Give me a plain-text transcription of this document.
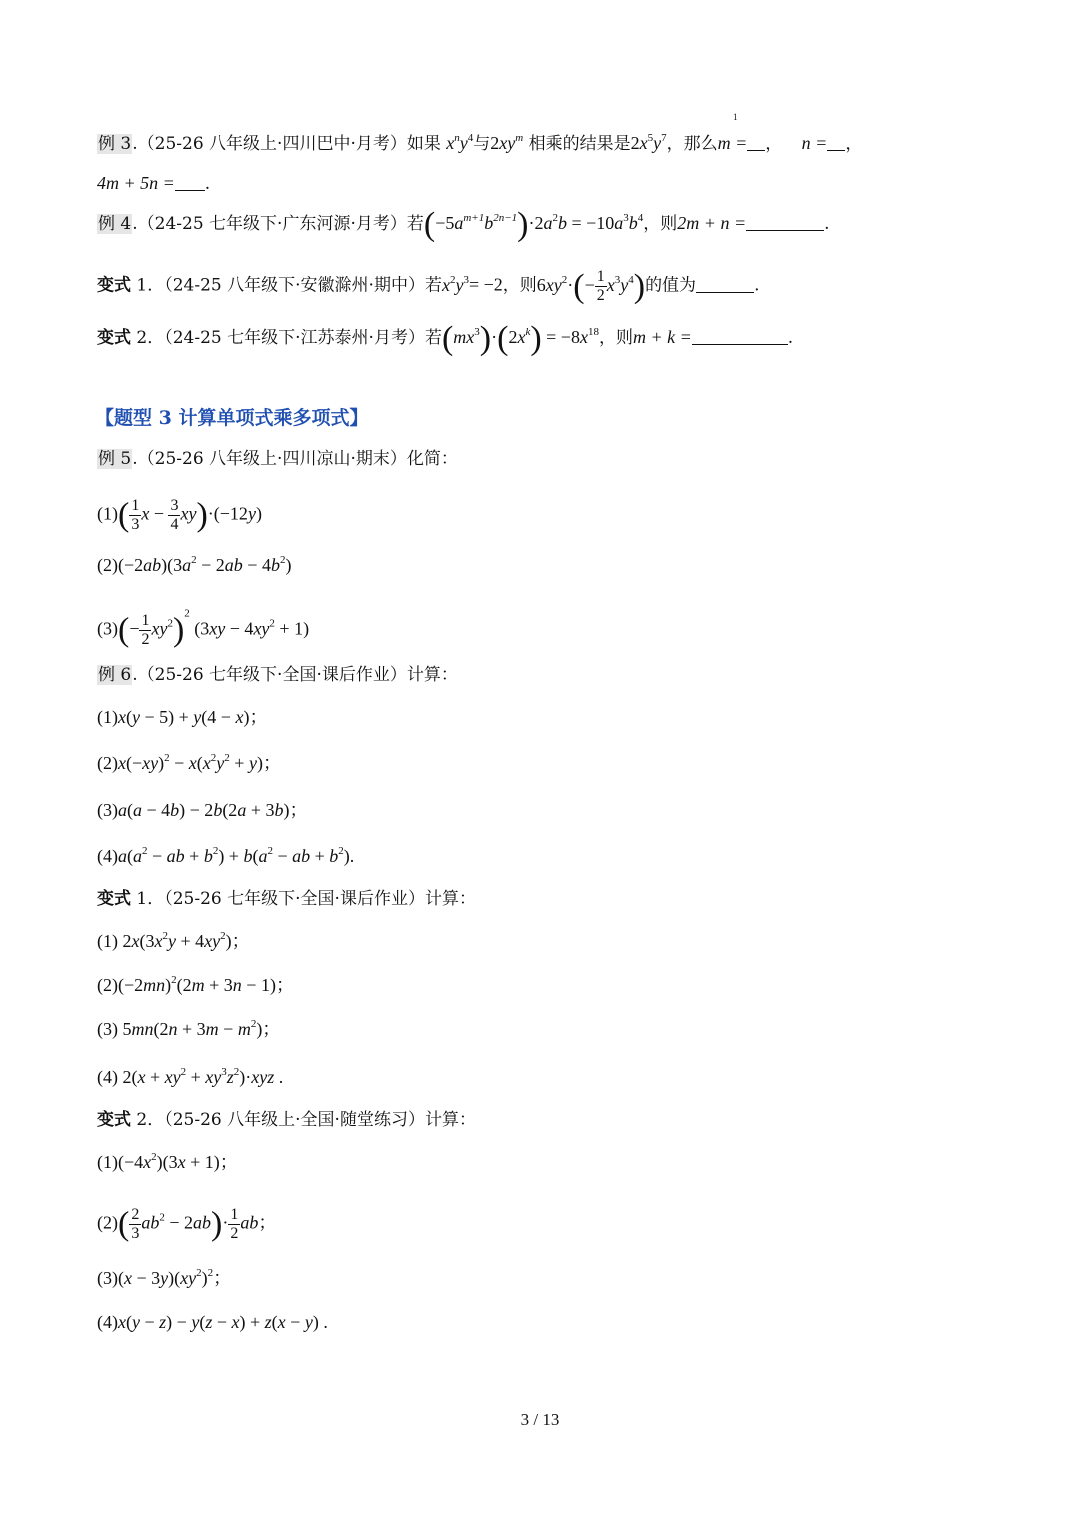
1
例 3.（25-26 八年级上·四川巴中·月考）如果 $x^ny^4$与$2xy^m$ 相乘的结果是$2x^5y^7$，那么m = ， n = ，
4m + 5n = .
例 4.（24-25 七年级下·广东河源·月考）若$(-5a^{m+1}b^{2n-1})\cdot 2a^2b = -10a^3b^4$，则2m + n =	.
变式 1．（24-25 八年级下·安徽滁州·期中）若$x^2y^3= -2$，则$6xy^2\cdot(- \frac{1}{2} x^3y^4)$的值为	.
变式 2．（24-25 七年级下·江苏泰州·月考）若$(mx^3)\cdot(2x^k) = -8x^{18}$，则m + k =	.
【题型 3 计算单项式乘多项式】
例 5.（25-26 八年级上·四川凉山·期末）化简：
$(1)( \frac{1}{3}$ $x - \frac{3}{4} xy)\cdot(-12y)$
$(2)(-2ab)(3a^2 - 2ab - 4b^2)$
$(3)(- \frac{1}{2} xy^2)^2$ $(3xy - 4xy^2 + 1)$
例 6.（25-26 七年级下·全国·课后作业）计算：
(1)x(y − 5) + y(4 − x)；
$(2)x(-xy)^2 - x(x^2y^2 + y)$；
(3)a(a − 4b) − 2b(2a + 3b)；
$(4)a(a^2$ − ab + $b^2) + b(a^2$ − ab + $b^2$).
变式 1．（25-26 七年级下·全国·课后作业）计算：
(1) $2x(3x^2y + 4xy^2)$；
$(2)(-2mn)^2(2m + 3n - 1)$；
(3) $5mn(2n + 3m - m^2)$；
(4) $2(x + xy^2 + xy^3z^2)\cdot xyz$ .
变式 2．（25-26 八年级上·全国·随堂练习）计算：
$(1)(-4x^2)(3x + 1)$；
$(2)( \frac{2}{3} ab^2 - 2ab)\cdot \frac{1}{2}$ ab；
$(3)(x - 3y)(xy^2)^2$；
(4)x(y − z) − y(z − x) + z(x − y) .
3 / 13
